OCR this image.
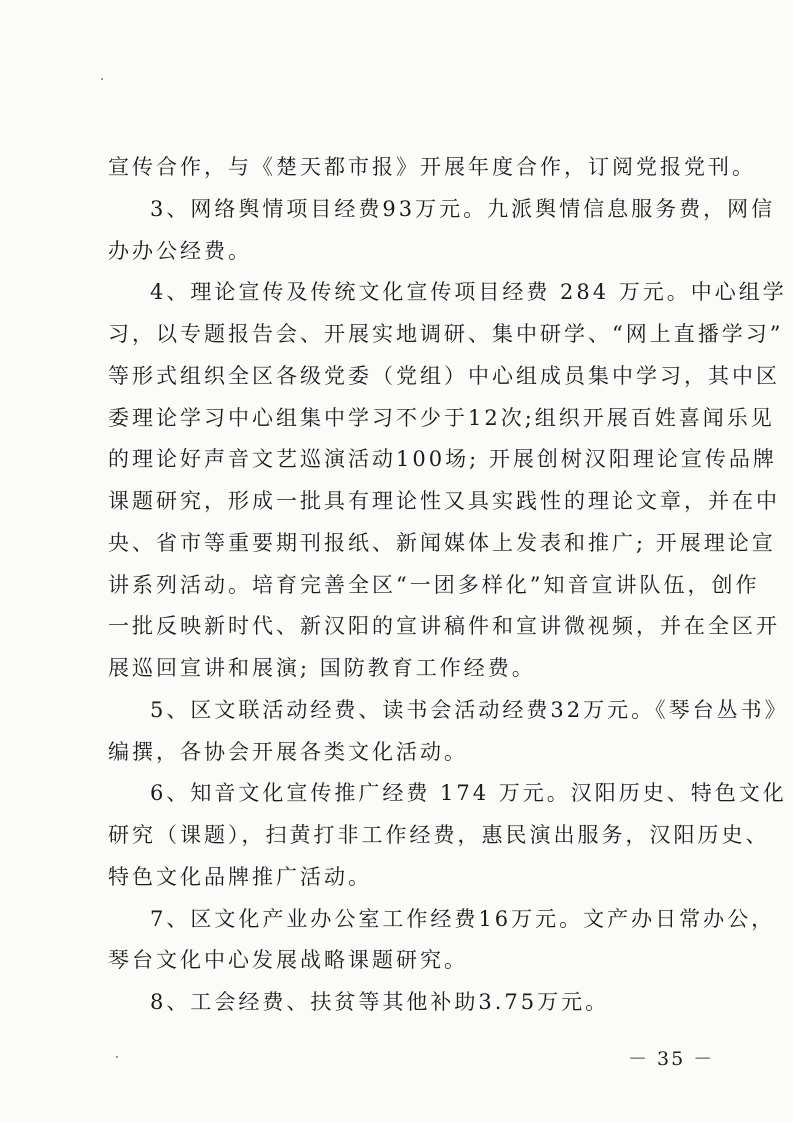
宣传合作，与《楚天都市报》开展年度合作，订阅党报党刊。
3、网络舆情项目经费93万元。九派舆情信息服务费，网信
办办公经费。
4、理论宣传及传统文化宣传项目经费 284 万元。中心组学
习，以专题报告会、开展实地调研、集中研学、“网上直播学习”
等形式组织全区各级党委（党组）中心组成员集中学习，其中区
委理论学习中心组集中学习不少于12次;组织开展百姓喜闻乐见
的理论好声音文艺巡演活动100场; 开展创树汉阳理论宣传品牌
课题研究，形成一批具有理论性又具实践性的理论文章，并在中
央、省市等重要期刊报纸、新闻媒体上发表和推广; 开展理论宣
讲系列活动。培育完善全区“一团多样化”知音宣讲队伍，创作
一批反映新时代、新汉阳的宣讲稿件和宣讲微视频，并在全区开
展巡回宣讲和展演; 国防教育工作经费。
5、区文联活动经费、读书会活动经费32万元。《琴台丛书》
编撰，各协会开展各类文化活动。
6、知音文化宣传推广经费 174 万元。汉阳历史、特色文化
研究（课题），扫黄打非工作经费，惠民演出服务，汉阳历史、
特色文化品牌推广活动。
7、区文化产业办公室工作经费16万元。文产办日常办公，
琴台文化中心发展战略课题研究。
8、工会经费、扶贫等其他补助3.75万元。
－ 35 －
